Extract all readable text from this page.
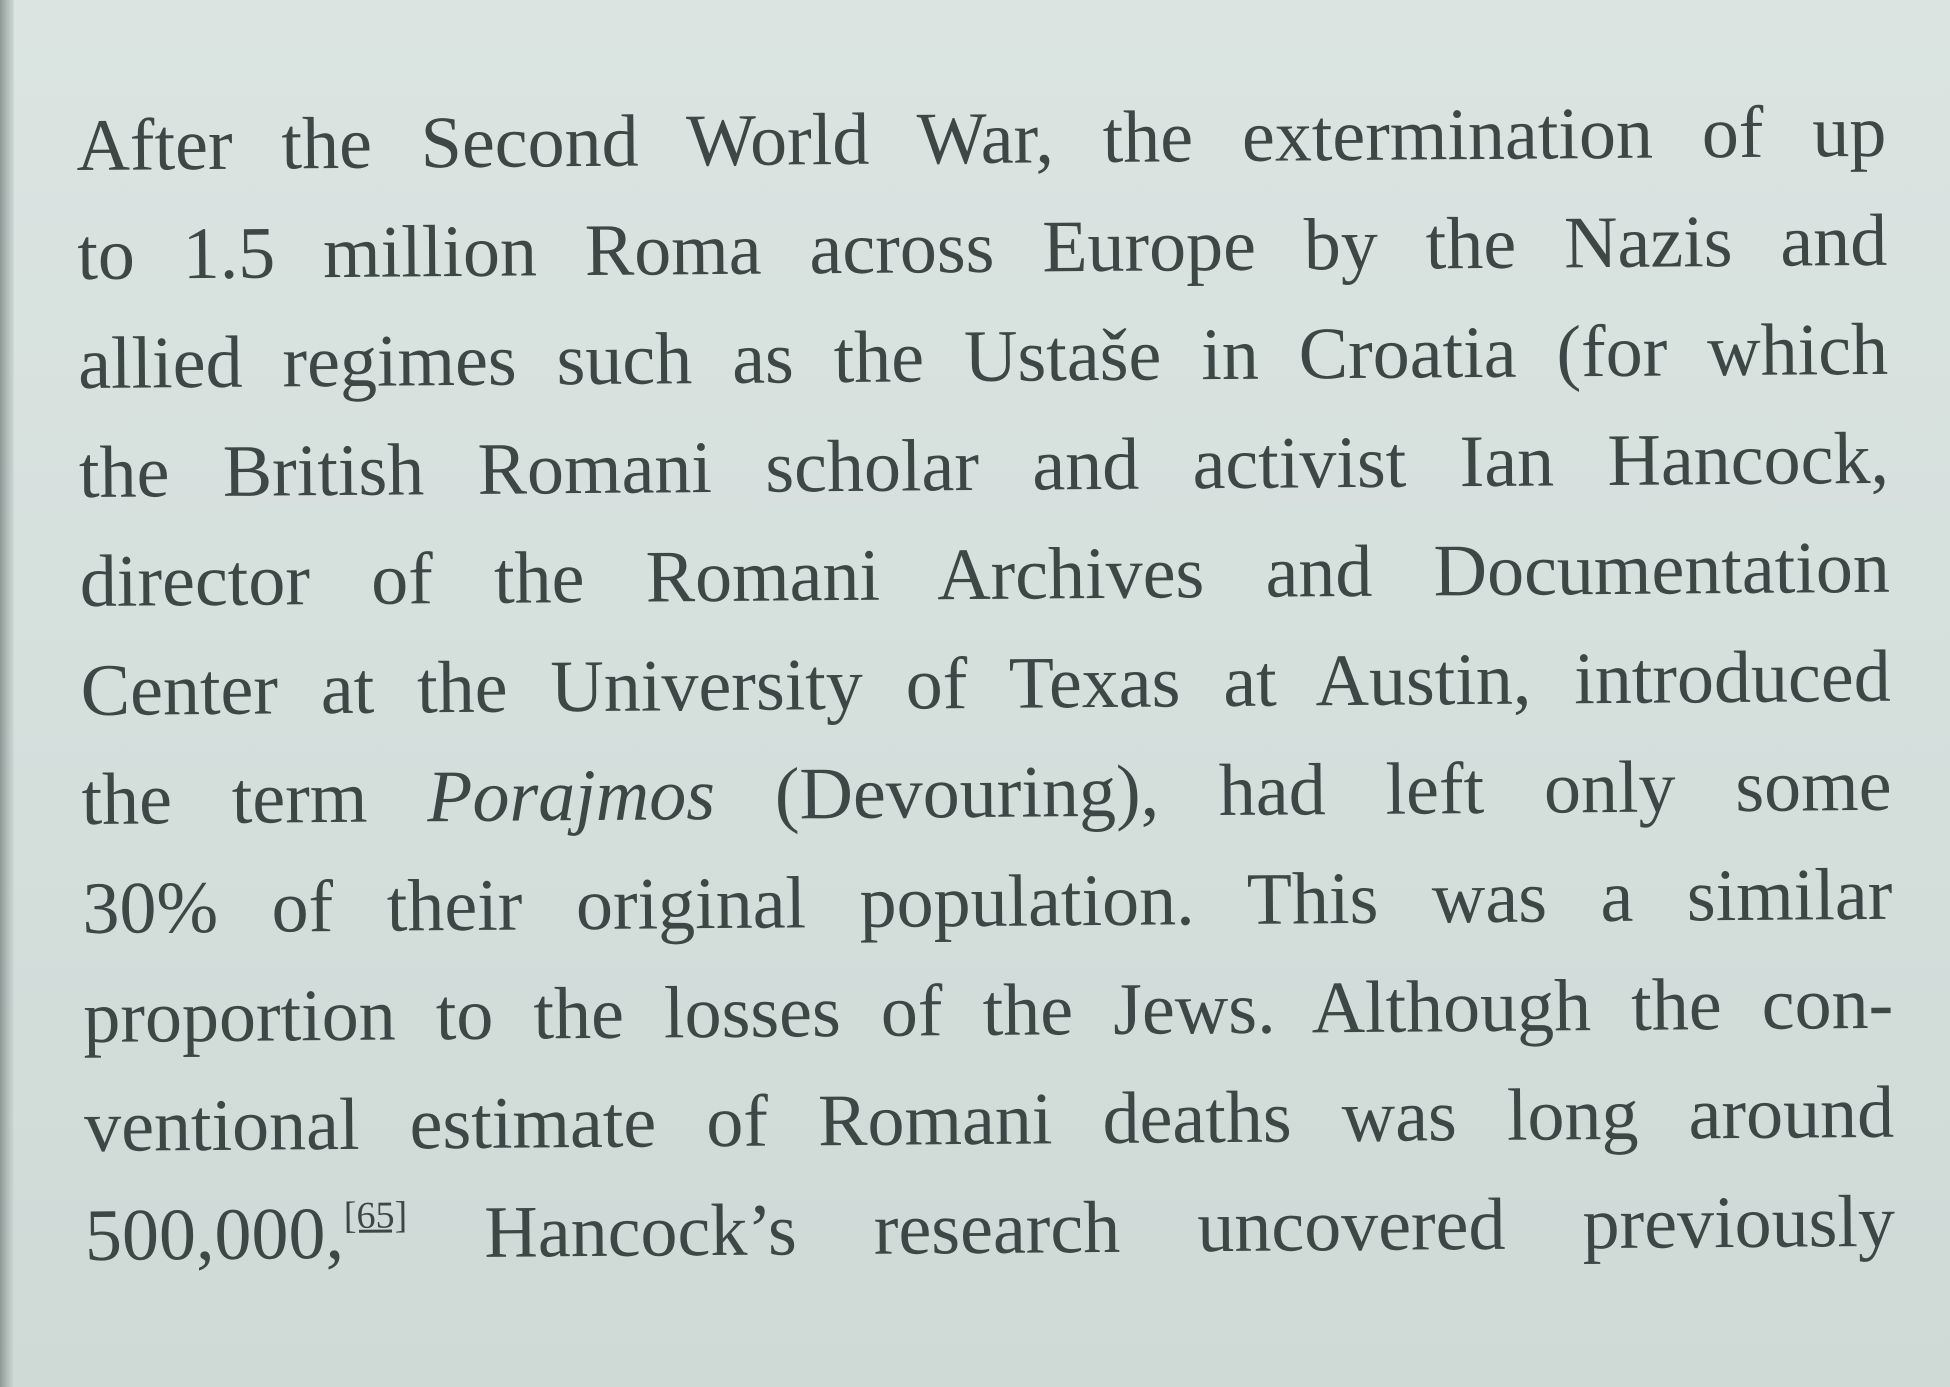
After the Second World War, the extermination of up
to 1.5 million Roma across Europe by the Nazis and
allied regimes such as the Ustaše in Croatia (for which
the British Romani scholar and activist Ian Hancock,
director of the Romani Archives and Documentation
Center at the University of Texas at Austin, introduced
the term Porajmos (Devouring), had left only some
30% of their original population. This was a similar
proportion to the losses of the Jews. Although the con-
ventional estimate of Romani deaths was long around
500,000,[65] Hancock’s research uncovered previously
